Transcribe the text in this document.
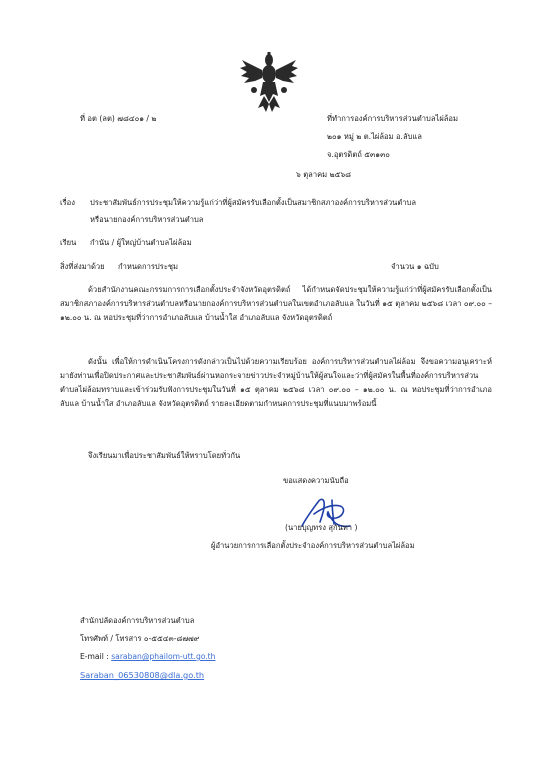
ที่ อต (ลต) ๗๘๔๐๑ / ๒	ที่ทำการองค์การบริหารส่วนตำบลไผ่ล้อม
๒๐๑ หมู่ ๒ ต.ไผ่ล้อม อ.ลับแล
จ.อุตรดิตถ์ ๕๓๑๓๐
๖ ตุลาคม ๒๕๖๘
เรื่อง ประชาสัมพันธ์การประชุมให้ความรู้แก่ว่าที่ผู้สมัครรับเลือกตั้งเป็นสมาชิกสภาองค์การบริหารส่วนตำบล
หรือนายกองค์การบริหารส่วนตำบล
เรียน กำนัน / ผู้ใหญ่บ้านตำบลไผ่ล้อม
สิ่งที่ส่งมาด้วย กำหนดการประชุม	จำนวน ๑ ฉบับ
ด้วยสำนักงานคณะกรรมการการเลือกตั้งประจำจังหวัดอุตรดิตถ์ ได้กำหนดจัดประชุมให้ความรู้แก่ว่าที่ผู้สมัครรับเลือกตั้งเป็นสมาชิกสภาองค์การบริหารส่วนตำบลหรือนายกองค์การบริหารส่วนตำบลในเขตอำเภอลับแล ในวันที่ ๑๕ ตุลาคม ๒๕๖๘ เวลา ๐๙.๐๐ – ๑๒.๐๐ น. ณ หอประชุมที่ว่าการอำเภอลับแล บ้านน้ำใส อำเภอลับแล จังหวัดอุตรดิตถ์
ดังนั้น เพื่อให้การดำเนินโครงการดังกล่าวเป็นไปด้วยความเรียบร้อย องค์การบริหารส่วนตำบลไผ่ล้อม จึงขอความอนุเคราะห์มายังท่านเพื่อปิดประกาศและประชาสัมพันธ์ผ่านหอกระจายข่าวประจำหมู่บ้านให้ผู้สนใจและว่าที่ผู้สมัครในพื้นที่องค์การบริหารส่วนตำบลไผ่ล้อมทราบและเข้าร่วมรับฟังการประชุมในวันที่ ๑๕ ตุลาคม ๒๕๖๘ เวลา ๐๙.๐๐ – ๑๒.๐๐ น. ณ หอประชุมที่ว่าการอำเภอลับแล บ้านน้ำใส อำเภอลับแล จังหวัดอุตรดิตถ์ รายละเอียดตามกำหนดการประชุมที่แนบมาพร้อมนี้
จึงเรียนมาเพื่อประชาสัมพันธ์ให้ทราบโดยทั่วกัน
ขอแสดงความนับถือ
(นายบุญทรง สุกันทา )
ผู้อำนวยการการเลือกตั้งประจำองค์การบริหารส่วนตำบลไผ่ล้อม
สำนักปลัดองค์การบริหารส่วนตำบล
โทรศัพท์ / โทรสาร ๐-๕๕๔๓-๘๗๗๙
E-mail : saraban@phailom-utt.go.th
Saraban_06530808@dla.go.th
